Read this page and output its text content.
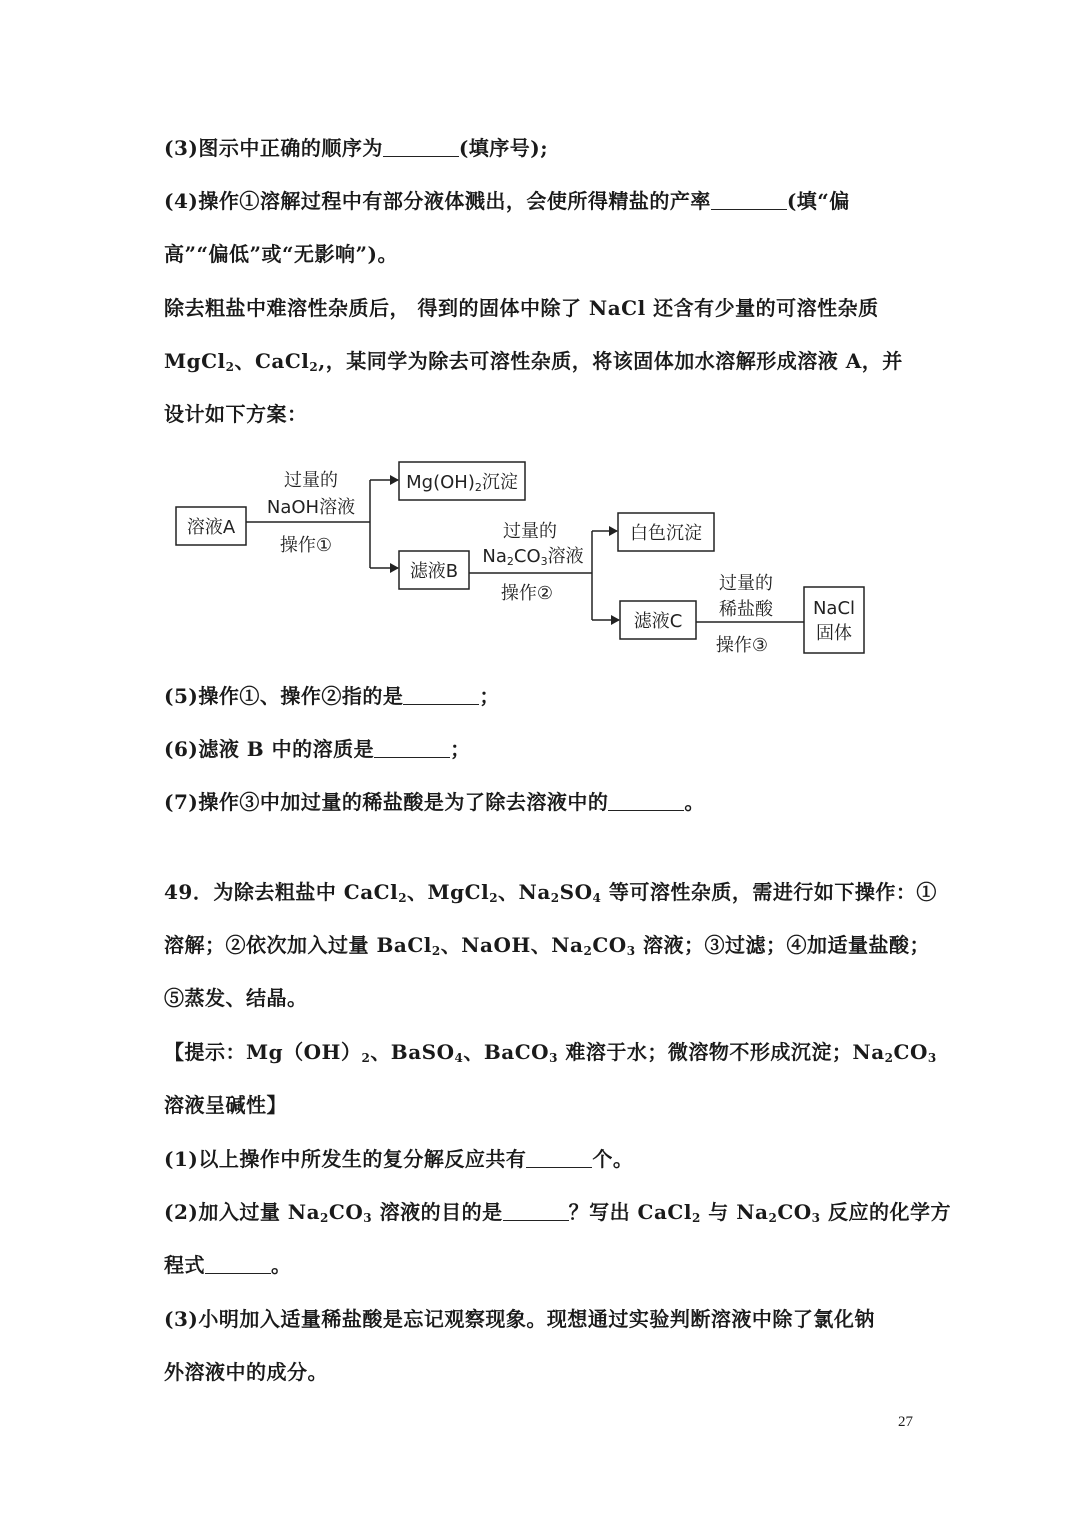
(3)图示中正确的顺序为	(填序号);
(4)操作①溶解过程中有部分液体溅出，会使所得精盐的产率	(填“偏
高”“偏低”或“无影响”)。
除去粗盐中难溶性杂质后， 得到的固体中除了 NaCl 还含有少量的可溶性杂质
MgCl$_2$、CaCl$_2$,，某同学为除去可溶性杂质，将该固体加水溶解形成溶液 A，并
设计如下方案：
溶液A
过量的
NaOH溶液
操作①
Mg(OH)2沉淀
滤液B
过量的
Na2CO3溶液
操作②
白色沉淀
滤液C
过量的
稀盐酸
操作③
NaCl
固体
(5)操作①、操作②指的是	；
(6)滤液 B 中的溶质是	；
(7)操作③中加过量的稀盐酸是为了除去溶液中的	。
49．为除去粗盐中 CaCl$_2$、MgCl$_2$、$Na_2SO_4$ 等可溶性杂质，需进行如下操作：①
溶解；②依次加入过量 BaCl$_2$、NaOH、$Na_2CO_3$ 溶液；③过滤；④加适量盐酸；
⑤蒸发、结晶。
【提示：$Mg(OH)_2$、BaSO$_4$、BaCO$_3$ 难溶于水；微溶物不形成沉淀；$Na_2CO_3$
溶液呈碱性】
(1)以上操作中所发生的复分解反应共有	个。
(2)加入过量 $Na_2CO_3$ 溶液的目的是	？写出 CaCl$_2$ 与 $Na_2CO_3$ 反应的化学方
程式	。
(3)小明加入适量稀盐酸是忘记观察现象。现想通过实验判断溶液中除了氯化钠
外溶液中的成分。
27
